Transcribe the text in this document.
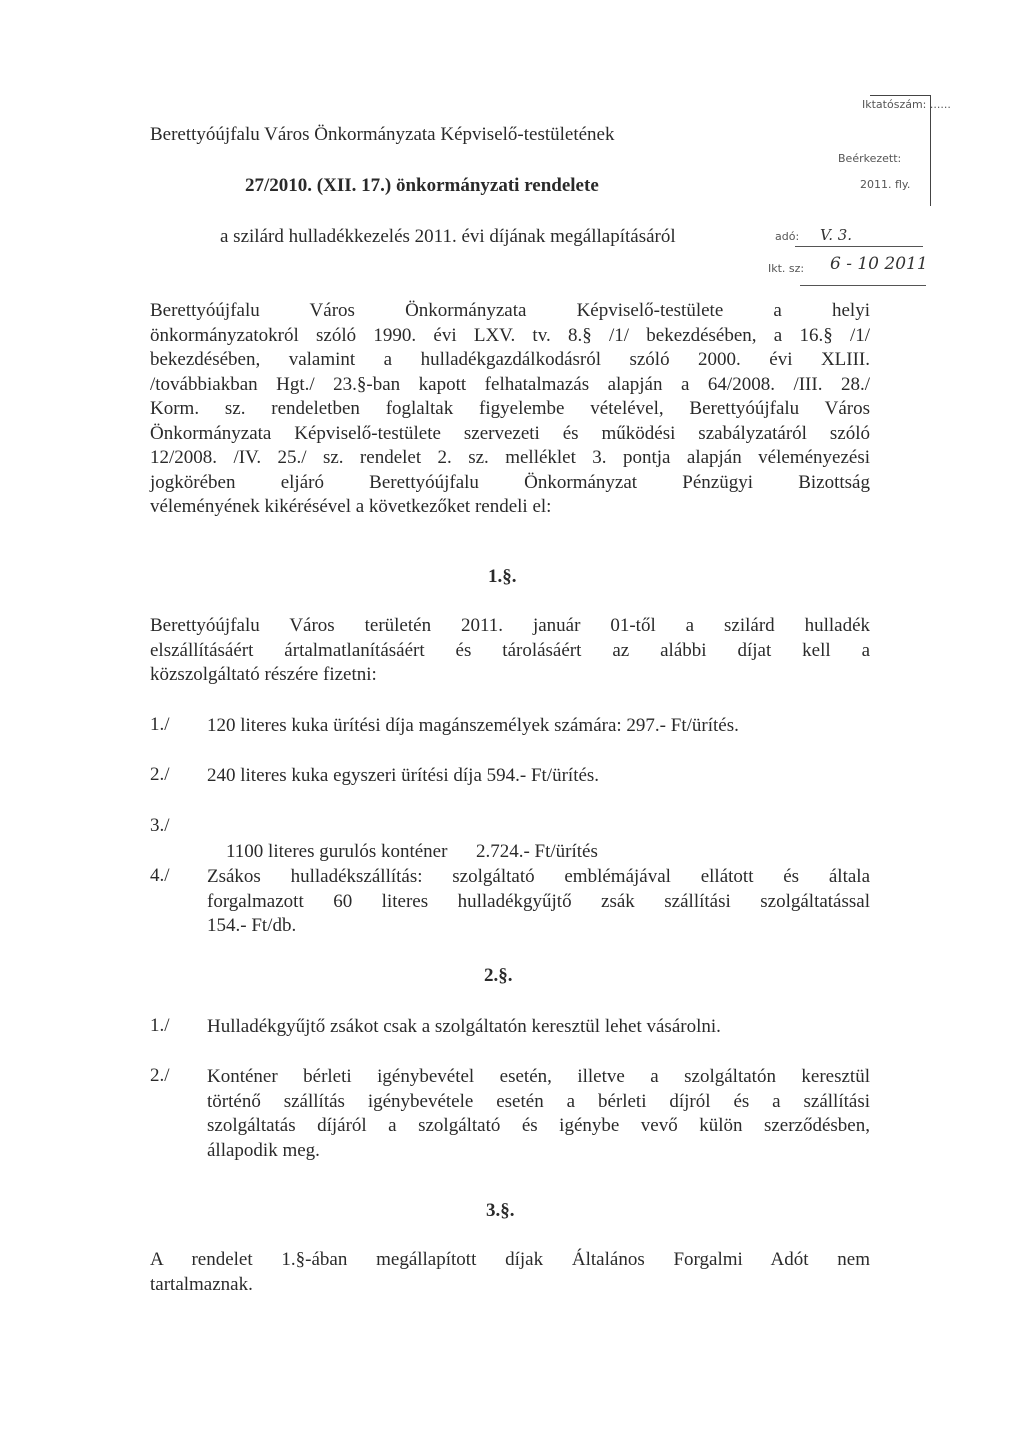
Berettyóújfalu Város Önkormányzata Képviselő-testületének
27/2010. (XII. 17.) önkormányzati rendelete
a szilárd hulladékkezelés 2011. évi díjának megállapításáról
Iktatószám: ......
Beérkezett:
2011. fly.
adó: V. 3.
Ikt. sz: 6 - 10 2011
Berettyóújfalu Város Önkormányzata Képviselő-testülete a helyi
önkormányzatokról szóló 1990. évi LXV. tv. 8.§ /1/ bekezdésében, a 16.§ /1/
bekezdésében, valamint a hulladékgazdálkodásról szóló 2000. évi XLIII.
/továbbiakban Hgt./ 23.§-ban kapott felhatalmazás alapján a 64/2008. /III. 28./
Korm. sz. rendeletben foglaltak figyelembe vételével, Berettyóújfalu Város
Önkormányzata Képviselő-testülete szervezeti és működési szabályzatáról szóló
12/2008. /IV. 25./ sz. rendelet 2. sz. melléklet 3. pontja alapján véleményezési
jogkörében eljáró Berettyóújfalu Önkormányzat Pénzügyi Bizottság
véleményének kikérésével a következőket rendeli el:
1.§.
Berettyóújfalu Város területén 2011. január 01-től a szilárd hulladék
elszállításáért ártalmatlanításáért és tárolásáért az alábbi díjat kell a
közszolgáltató részére fizetni:
1./ 120 literes kuka ürítési díja magánszemélyek számára: 297.- Ft/ürítés.
2./ 240 literes kuka egyszeri ürítési díja 594.- Ft/ürítés.
3./

1100 literes gurulós konténer      2.724.- Ft/ürítés

4./ Zsákos hulladékszállítás: szolgáltató emblémájával ellátott és általa
forgalmazott 60 literes hulladékgyűjtő zsák szállítási szolgáltatással
154.- Ft/db.
2.§.
1./ Hulladékgyűjtő zsákot csak a szolgáltatón keresztül lehet vásárolni.
2./ Konténer bérleti igénybevétel esetén, illetve a szolgáltatón keresztül
történő szállítás igénybevétele esetén a bérleti díjról és a szállítási
szolgáltatás díjáról a szolgáltató és igénybe vevő külön szerződésben,
állapodik meg.
3.§.
A rendelet 1.§-ában megállapított díjak Általános Forgalmi Adót nem
tartalmaznak.
